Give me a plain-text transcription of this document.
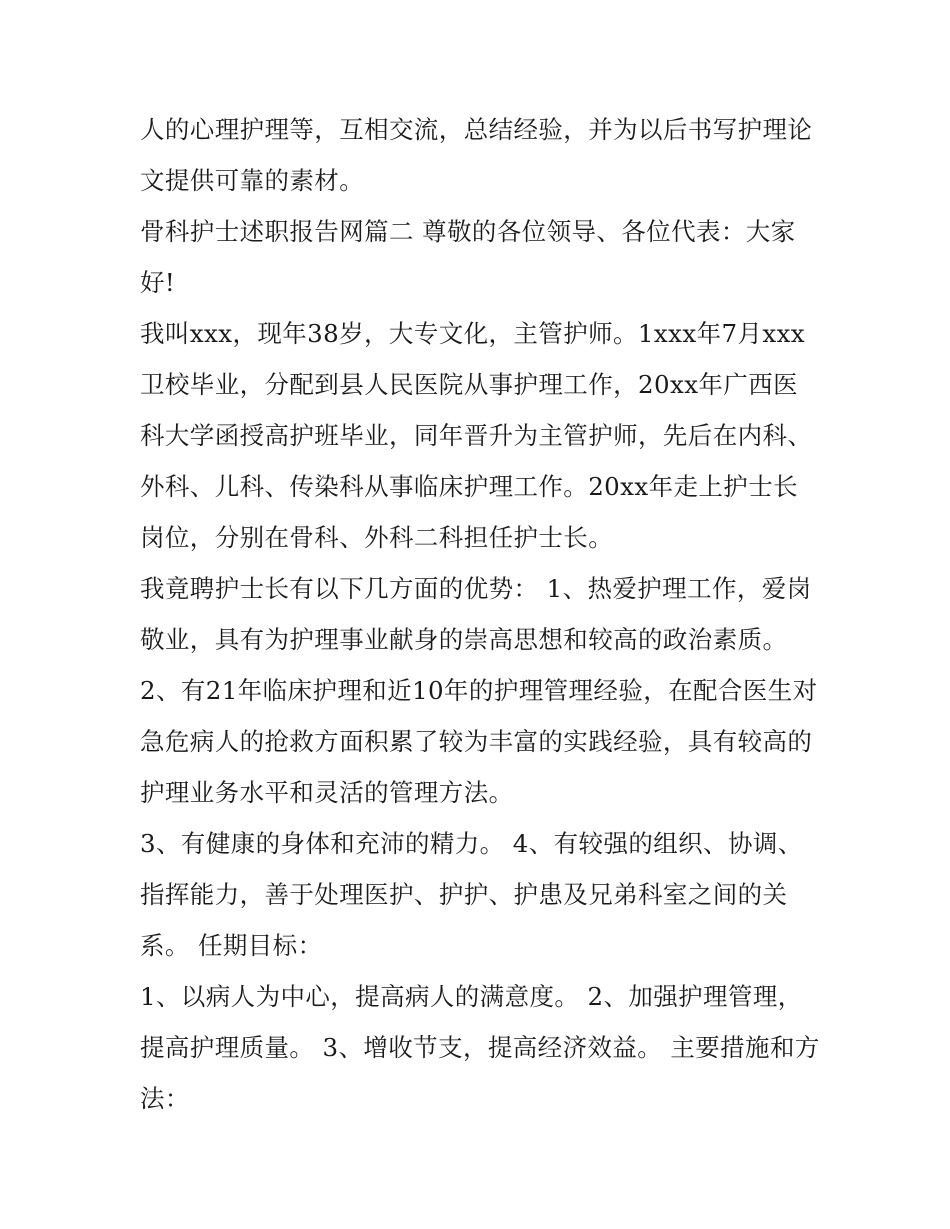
人的心理护理等，互相交流，总结经验，并为以后书写护理论文提供可靠的素材。

骨科护士述职报告网篇二 尊敬的各位领导、各位代表：大家好!

我叫xxx，现年38岁，大专文化，主管护师。1xxx年7月xxx卫校毕业，分配到县人民医院从事护理工作，20xx年广西医科大学函授高护班毕业，同年晋升为主管护师，先后在内科、外科、儿科、传染科从事临床护理工作。20xx年走上护士长岗位，分别在骨科、外科二科担任护士长。

我竟聘护士长有以下几方面的优势： 1、热爱护理工作，爱岗敬业，具有为护理事业献身的崇高思想和较高的政治素质。

2、有21年临床护理和近10年的护理管理经验，在配合医生对急危病人的抢救方面积累了较为丰富的实践经验，具有较高的护理业务水平和灵活的管理方法。

3、有健康的身体和充沛的精力。 4、有较强的组织、协调、指挥能力，善于处理医护、护护、护患及兄弟科室之间的关系。 任期目标：

1、以病人为中心，提高病人的满意度。 2、加强护理管理，提高护理质量。 3、增收节支，提高经济效益。 主要措施和方法：
